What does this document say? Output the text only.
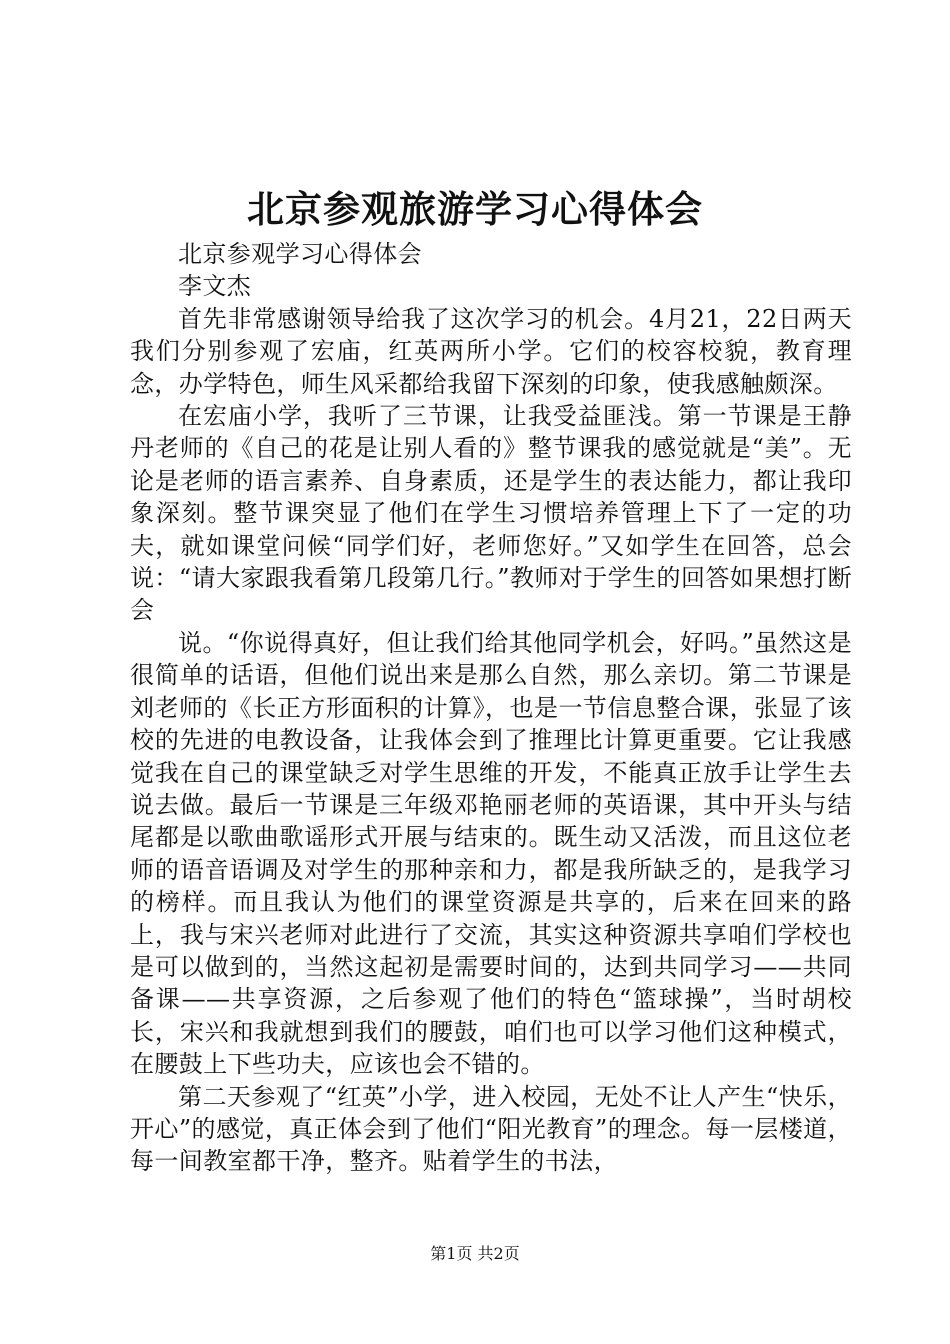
北京参观旅游学习心得体会

北京参观学习心得体会

李文杰

首先非常感谢领导给我了这次学习的机会。4月21，22日两天我们分别参观了宏庙，红英两所小学。它们的校容校貌，教育理念，办学特色，师生风采都给我留下深刻的印象，使我感触颇深。

在宏庙小学，我听了三节课，让我受益匪浅。第一节课是王静丹老师的《自己的花是让别人看的》整节课我的感觉就是“美”。无论是老师的语言素养、自身素质，还是学生的表达能力，都让我印象深刻。整节课突显了他们在学生习惯培养管理上下了一定的功夫，就如课堂问候“同学们好，老师您好。”又如学生在回答，总会说：“请大家跟我看第几段第几行。”教师对于学生的回答如果想打断会

说。“你说得真好，但让我们给其他同学机会，好吗。”虽然这是很简单的话语，但他们说出来是那么自然，那么亲切。第二节课是刘老师的《长正方形面积的计算》，也是一节信息整合课，张显了该校的先进的电教设备，让我体会到了推理比计算更重要。它让我感觉我在自己的课堂缺乏对学生思维的开发，不能真正放手让学生去说去做。最后一节课是三年级邓艳丽老师的英语课，其中开头与结尾都是以歌曲歌谣形式开展与结束的。既生动又活泼，而且这位老师的语音语调及对学生的那种亲和力，都是我所缺乏的，是我学习的榜样。而且我认为他们的课堂资源是共享的，后来在回来的路上，我与宋兴老师对此进行了交流，其实这种资源共享咱们学校也是可以做到的，当然这起初是需要时间的，达到共同学习——共同备课——共享资源，之后参观了他们的特色“篮球操”，当时胡校长，宋兴和我就想到我们的腰鼓，咱们也可以学习他们这种模式，在腰鼓上下些功夫，应该也会不错的。

第二天参观了“红英”小学，进入校园，无处不让人产生“快乐，开心”的感觉，真正体会到了他们“阳光教育”的理念。每一层楼道，每一间教室都干净，整齐。贴着学生的书法，

第1页 共2页
